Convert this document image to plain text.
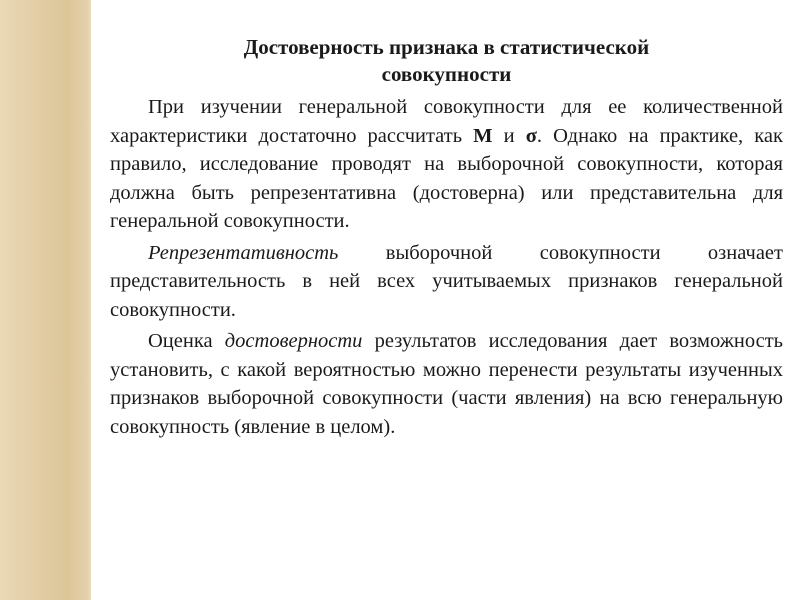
Достоверность признака в статистической совокупности

При изучении генеральной совокупности для ее количественной характеристики достаточно рассчитать M и σ. Однако на практике, как правило, исследование проводят на выборочной совокупности, которая должна быть репрезентативна (достоверна) или представительна для генеральной совокупности.

Репрезентативность выборочной совокупности означает представительность в ней всех учитываемых признаков генеральной совокупности.

Оценка достоверности результатов исследования дает возможность установить, с какой вероятностью можно перенести результаты изученных признаков выборочной совокупности (части явления) на всю генеральную совокупность (явление в целом).
